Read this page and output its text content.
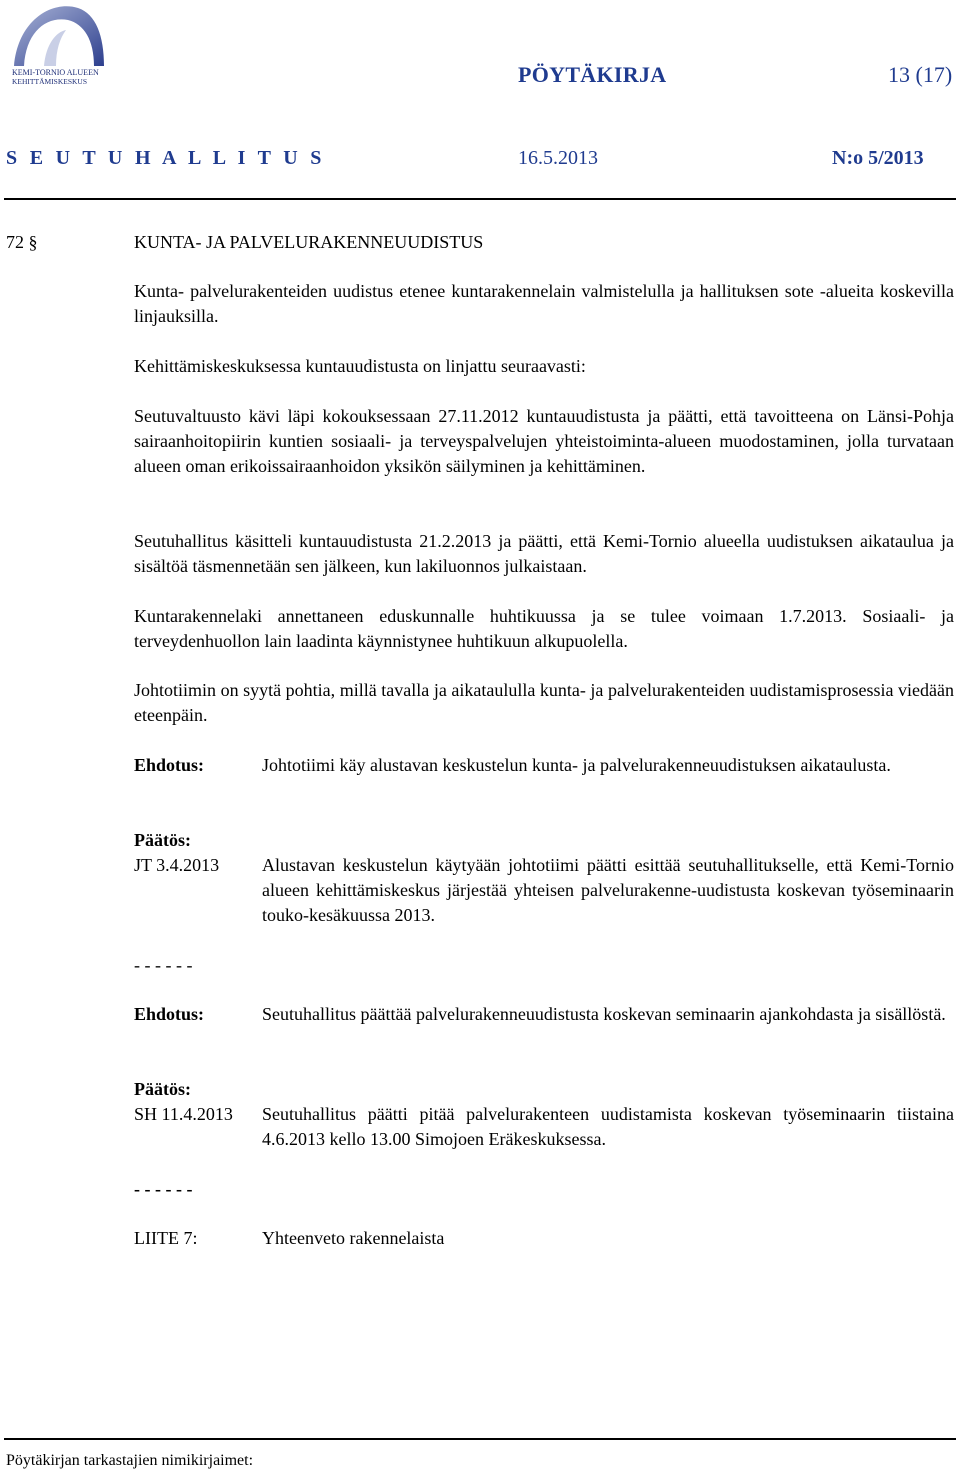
KEMI-TORNIO ALUEEN
KEHITTÄMISKESKUS	PÖYTÄKIRJA	13 (17)
S E U T U H A L L I T U S	16.5.2013	N:o 5/2013
72 §	KUNTA- JA PALVELURAKENNEUUDISTUS
Kunta- palvelurakenteiden uudistus etenee kuntarakennelain valmistelulla ja hallituksen sote -alueita koskevilla linjauksilla.
Kehittämiskeskuksessa kuntauudistusta on linjattu seuraavasti:
Seutuvaltuusto kävi läpi kokouksessaan 27.11.2012 kuntauudistusta ja päätti, että tavoitteena on Länsi-Pohja sairaanhoitopiirin kuntien sosiaali- ja terveyspalvelujen yhteistoiminta-alueen muodostaminen, jolla turvataan alueen oman erikoissairaanhoidon yksikön säilyminen ja kehittäminen.
Seutuhallitus käsitteli kuntauudistusta 21.2.2013 ja päätti, että Kemi-Tornio alueella uudistuksen aikataulua ja sisältöä täsmennetään sen jälkeen, kun lakiluonnos julkaistaan.
Kuntarakennelaki annettaneen eduskunnalle huhtikuussa ja se tulee voimaan 1.7.2013. Sosiaali- ja terveydenhuollon lain laadinta käynnistynee huhtikuun alkupuolella.
Johtotiimin on syytä pohtia, millä tavalla ja aikataululla kunta- ja palvelurakenteiden uudistamisprosessia viedään eteenpäin.
Ehdotus:	Johtotiimi käy alustavan keskustelun kunta- ja palvelurakenneuudistuksen aikataulusta.
Päätös:
JT 3.4.2013 Alustavan keskustelun käytyään johtotiimi päätti esittää seutuhallitukselle, että Kemi-Tornio alueen kehittämiskeskus järjestää yhteisen palvelurakenne-uudistusta koskevan työseminaarin touko-kesäkuussa 2013.
- - - - - -
Ehdotus:	Seutuhallitus päättää palvelurakenneuudistusta koskevan seminaarin ajankohdasta ja sisällöstä.
Päätös:
SH 11.4.2013 Seutuhallitus päätti pitää palvelurakenteen uudistamista koskevan työseminaarin tiistaina 4.6.2013 kello 13.00 Simojoen Eräkeskuksessa.
- - - - - -
LIITE 7:	Yhteenveto rakennelaista
Pöytäkirjan tarkastajien nimikirjaimet:
